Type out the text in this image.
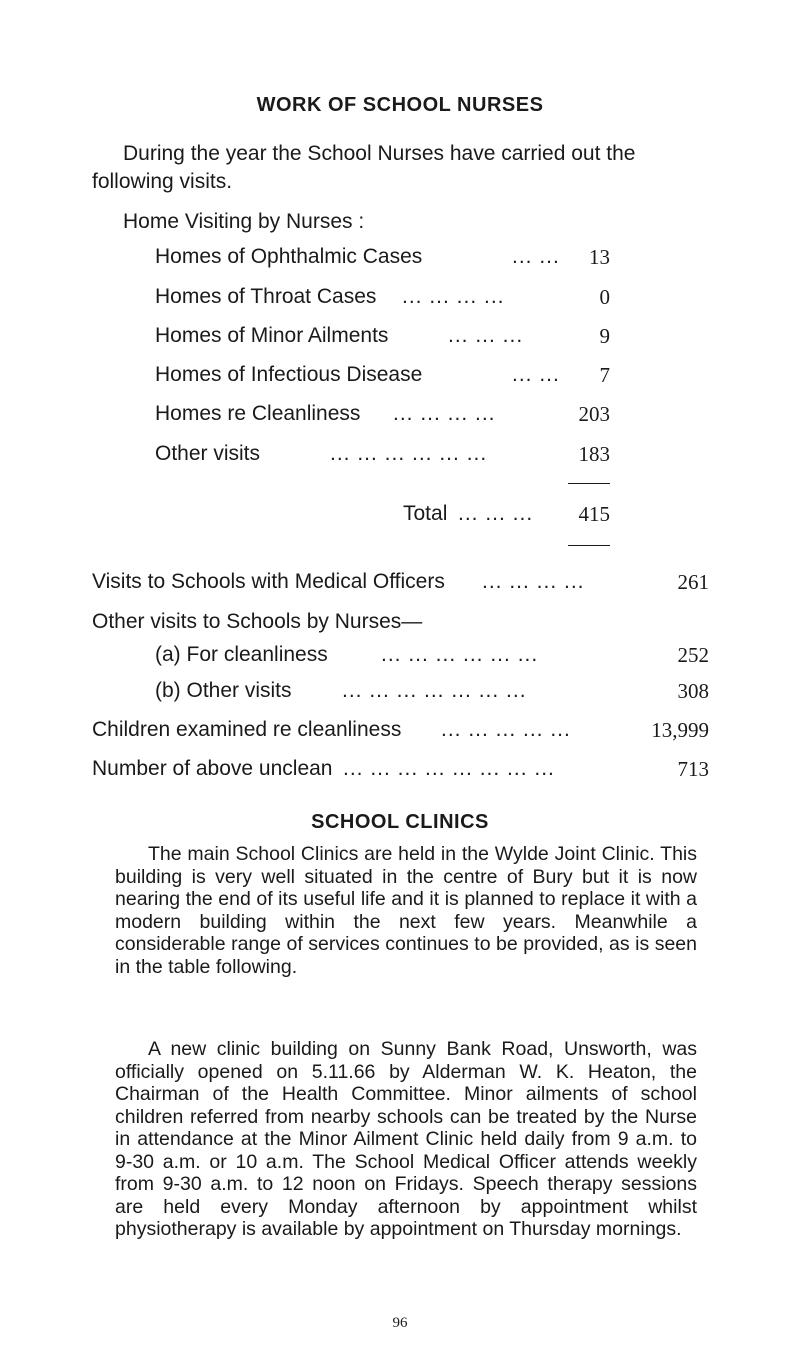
WORK OF SCHOOL NURSES
During the year the School Nurses have carried out the
following visits.
Home Visiting by Nurses :
Homes of Ophthalmic Cases	... ...	13
Homes of Throat Cases ... ... ... ...	0
Homes of Minor Ailments	... ... ...	9
Homes of Infectious Disease	... ...	7
Homes re Cleanliness ... ... ... ...	203
Other visits	... ... ... ... ... ...	183
Total ... ... ...	415
Visits to Schools with Medical Officers ... ... ... ...	261
Other visits to Schools by Nurses—
(a) For cleanliness	... ... ... ... ... ...	252
(b) Other visits ... ... ... ... ... ... ...	308
Children examined re cleanliness ... ... ... ... ...	13,999
Number of above unclean ... ... ... ... ... ... ... ...	713
SCHOOL CLINICS
The main School Clinics are held in the Wylde Joint Clinic. This building is very well situated in the centre of Bury but it is now nearing the end of its useful life and it is planned to replace it with a modern building within the next few years. Meanwhile a considerable range of services continues to be provided, as is seen in the table following.
A new clinic building on Sunny Bank Road, Unsworth, was officially opened on 5.11.66 by Alderman W. K. Heaton, the Chairman of the Health Committee. Minor ailments of school children referred from nearby schools can be treated by the Nurse in attendance at the Minor Ailment Clinic held daily from 9 a.m. to 9-30 a.m. or 10 a.m. The School Medical Officer attends weekly from 9-30 a.m. to 12 noon on Fridays. Speech therapy sessions are held every Monday afternoon by appointment whilst physiotherapy is available by appointment on Thursday mornings.
96
